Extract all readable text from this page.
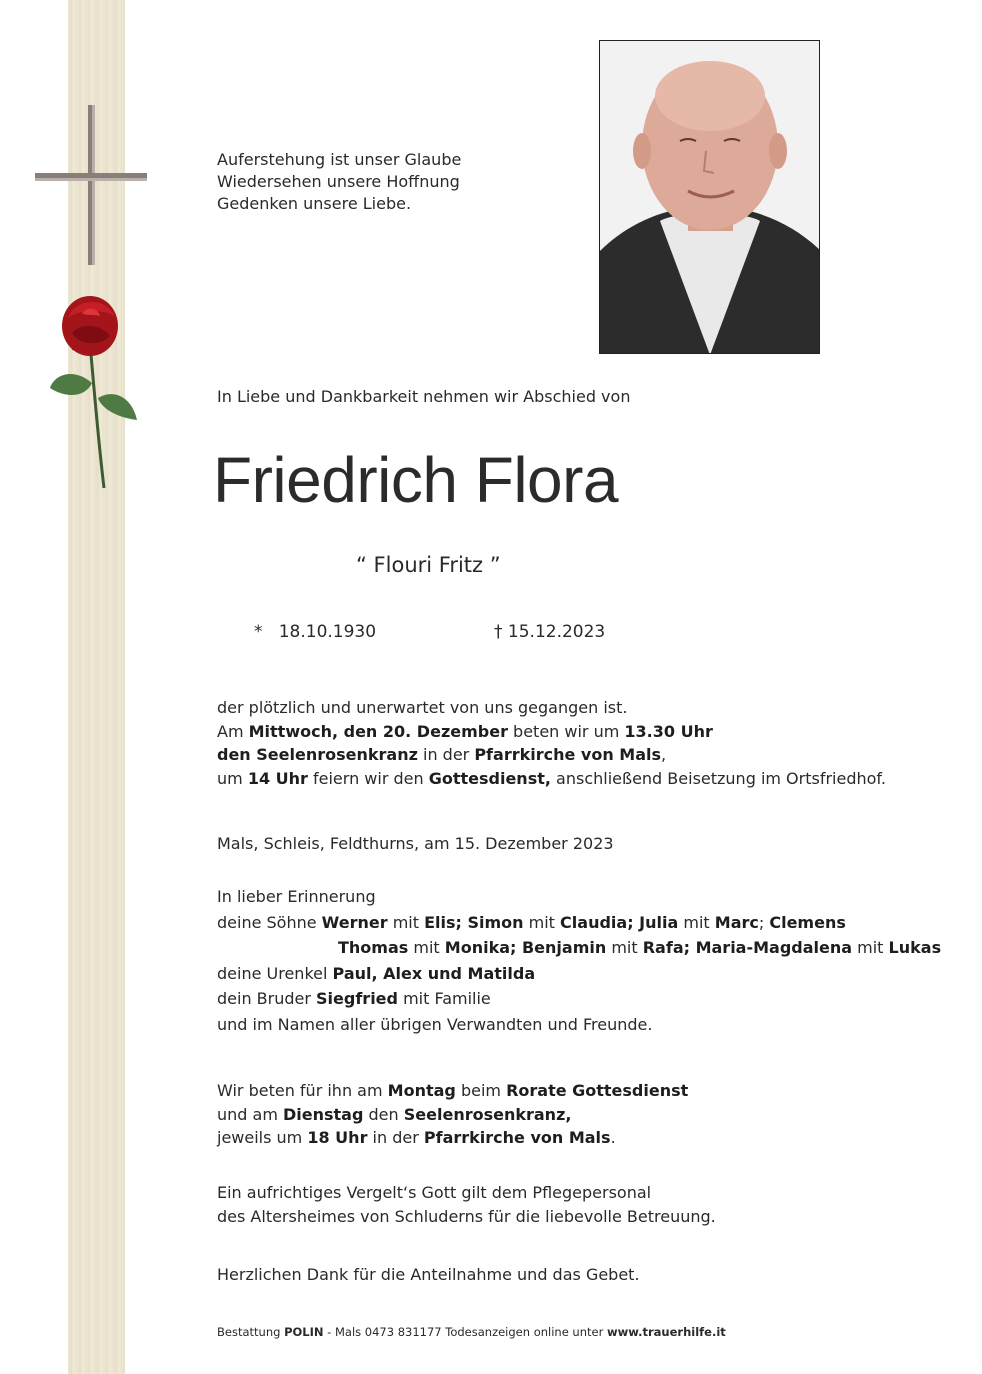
Auferstehung ist unser Glaube
Wiedersehen unsere Hoffnung
Gedenken unsere Liebe.
In Liebe und Dankbarkeit nehmen wir Abschied von
Friedrich Flora
“ Flouri Fritz ”
* 18.10.1930	† 15.12.2023
der plötzlich und unerwartet von uns gegangen ist.
Am Mittwoch, den 20. Dezember beten wir um 13.30 Uhr
den Seelenrosenkranz in der Pfarrkirche von Mals,
um 14 Uhr feiern wir den Gottesdienst, anschließend Beisetzung im Ortsfriedhof.
Mals, Schleis, Feldthurns, am 15. Dezember 2023
In lieber Erinnerung
deine Söhne Werner mit Elis; Simon mit Claudia; Julia mit Marc; Clemens
Thomas mit Monika; Benjamin mit Rafa; Maria-Magdalena mit Lukas
deine Urenkel Paul, Alex und Matilda
dein Bruder Siegfried mit Familie
und im Namen aller übrigen Verwandten und Freunde.
Wir beten für ihn am Montag beim Rorate Gottesdienst
und am Dienstag den Seelenrosenkranz,
jeweils um 18 Uhr in der Pfarrkirche von Mals.
Ein aufrichtiges Vergelt‘s Gott gilt dem Pflegepersonal
des Altersheimes von Schluderns für die liebevolle Betreuung.
Herzlichen Dank für die Anteilnahme und das Gebet.
Bestattung POLIN - Mals 0473 831177 Todesanzeigen online unter www.trauerhilfe.it
